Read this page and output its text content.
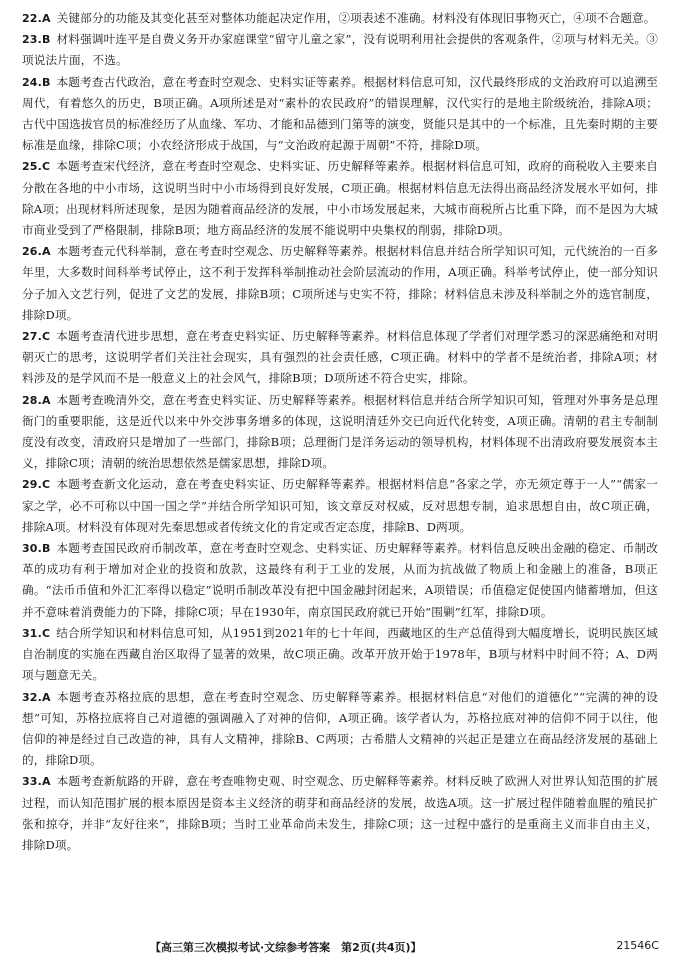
22.A 关键部分的功能及其变化甚至对整体功能起决定作用，②项表述不准确。材料没有体现旧事物灭亡，④项不合题意。

23.B 材料强调叶连平是自费义务开办家庭课堂“留守儿童之家”，没有说明利用社会提供的客观条件，②项与材料无关。③项说法片面，不选。

24.B 本题考查古代政治，意在考查时空观念、史料实证等素养。根据材料信息可知，汉代最终形成的文治政府可以追溯至周代，有着悠久的历史，B项正确。A项所述是对“素朴的农民政府”的错误理解，汉代实行的是地主阶级统治，排除A项；古代中国选拔官员的标准经历了从血缘、军功、才能和品德到门第等的演变，贤能只是其中的一个标准，且先秦时期的主要标准是血缘，排除C项；小农经济形成于战国，与“文治政府起源于周朝”不符，排除D项。

25.C 本题考查宋代经济，意在考查时空观念、史料实证、历史解释等素养。根据材料信息可知，政府的商税收入主要来自分散在各地的中小市场，这说明当时中小市场得到良好发展，C项正确。根据材料信息无法得出商品经济发展水平如何，排除A项；出现材料所述现象，是因为随着商品经济的发展，中小市场发展起来，大城市商税所占比重下降，而不是因为大城市商业受到了严格限制，排除B项；地方商品经济的发展不能说明中央集权的削弱，排除D项。

26.A 本题考查元代科举制，意在考查时空观念、历史解释等素养。根据材料信息并结合所学知识可知，元代统治的一百多年里，大多数时间科举考试停止，这不利于发挥科举制推动社会阶层流动的作用，A项正确。科举考试停止，使一部分知识分子加入文艺行列，促进了文艺的发展，排除B项；C项所述与史实不符，排除；材料信息未涉及科举制之外的选官制度，排除D项。

27.C 本题考查清代进步思想，意在考查史料实证、历史解释等素养。材料信息体现了学者们对理学悉习的深恶痛绝和对明朝灭亡的思考，这说明学者们关注社会现实，具有强烈的社会责任感，C项正确。材料中的学者不是统治者，排除A项；材料涉及的是学风而不是一般意义上的社会风气，排除B项；D项所述不符合史实，排除。

28.A 本题考查晚清外交，意在考查史料实证、历史解释等素养。根据材料信息并结合所学知识可知，管理对外事务是总理衙门的重要职能，这是近代以来中外交涉事务增多的体现，这说明清廷外交已向近代化转变，A项正确。清朝的君主专制制度没有改变，清政府只是增加了一些部门，排除B项；总理衙门是洋务运动的领导机构，材料体现不出清政府要发展资本主义，排除C项；清朝的统治思想依然是儒家思想，排除D项。

29.C 本题考查新文化运动，意在考查史料实证、历史解释等素养。根据材料信息“各家之学，亦无须定尊于一人”“儒家一家之学，必不可称以中国一国之学”并结合所学知识可知，该文章反对权威，反对思想专制，追求思想自由，故C项正确，排除A项。材料没有体现对先秦思想或者传统文化的肯定或否定态度，排除B、D两项。

30.B 本题考查国民政府币制改革，意在考查时空观念、史料实证、历史解释等素养。材料信息反映出金融的稳定、币制改革的成功有利于增加对企业的投资和放款，这最终有利于工业的发展，从而为抗战做了物质上和金融上的准备，B项正确。“法币币值和外汇汇率得以稳定”说明币制改革没有把中国金融封闭起来，A项错误；币值稳定促使国内储蓄增加，但这并不意味着消费能力的下降，排除C项；早在1930年，南京国民政府就已开始“围剿”红军，排除D项。

31.C 结合所学知识和材料信息可知，从1951到2021年的七十年间，西藏地区的生产总值得到大幅度增长，说明民族区域自治制度的实施在西藏自治区取得了显著的效果，故C项正确。改革开放开始于1978年，B项与材料中时间不符；A、D两项与题意无关。

32.A 本题考查苏格拉底的思想，意在考查时空观念、历史解释等素养。根据材料信息“对他们的道德化”“完满的神的设想”可知，苏格拉底将自己对道德的强调融入了对神的信仰，A项正确。该学者认为，苏格拉底对神的信仰不同于以往，他信仰的神是经过自己改造的神，具有人文精神，排除B、C两项；古希腊人文精神的兴起正是建立在商品经济发展的基础上的，排除D项。

33.A 本题考查新航路的开辟，意在考查唯物史观、时空观念、历史解释等素养。材料反映了欧洲人对世界认知范围的扩展过程，而认知范围扩展的根本原因是资本主义经济的萌芽和商品经济的发展，故选A项。这一扩展过程伴随着血腥的殖民扩张和掠夺，并非“友好往来”，排除B项；当时工业革命尚未发生，排除C项；这一过程中盛行的是重商主义而非自由主义，排除D项。

【高三第三次模拟考试·文综参考答案　第2页(共4页)】	21546C
